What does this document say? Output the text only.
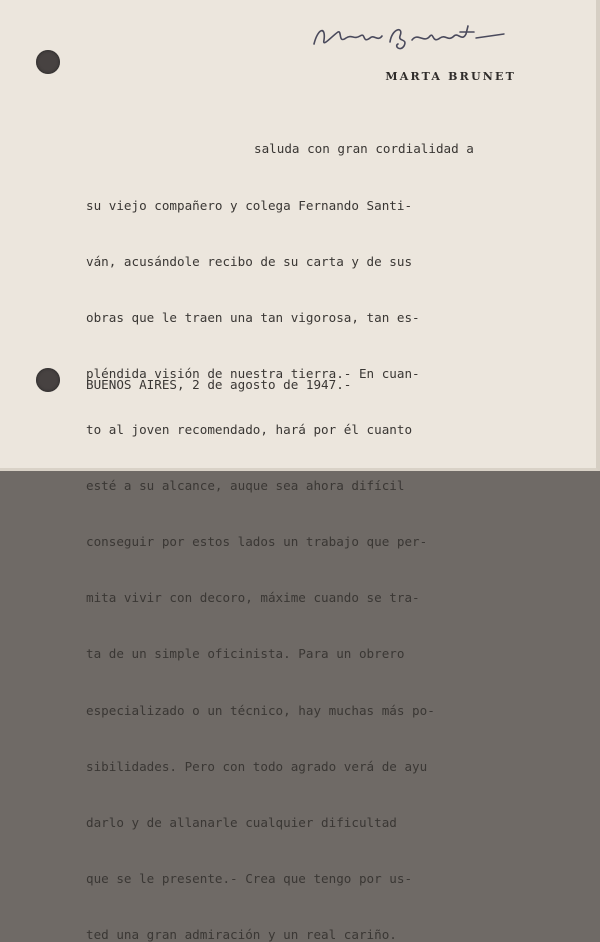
MARTA BRUNET

saluda con gran cordialidad a

su viejo compañero y colega Fernando Santi-

ván, acusándole recibo de su carta y de sus

obras que le traen una tan vigorosa, tan es-

pléndida visión de nuestra tierra.- En cuan-

to al joven recomendado, hará por él cuanto

esté a su alcance, auque sea ahora difícil

conseguir por estos lados un trabajo que per-

mita vivir con decoro, máxime cuando se tra-

ta de un simple oficinista. Para un obrero

especializado o un técnico, hay muchas más po-

sibilidades. Pero con todo agrado verá de ayu

darlo y de allanarle cualquier dificultad

que se le presente.- Crea que tengo por us-

ted una gran admiración y un real cariño.

BUENOS AIRES, 2 de agosto de 1947.-
